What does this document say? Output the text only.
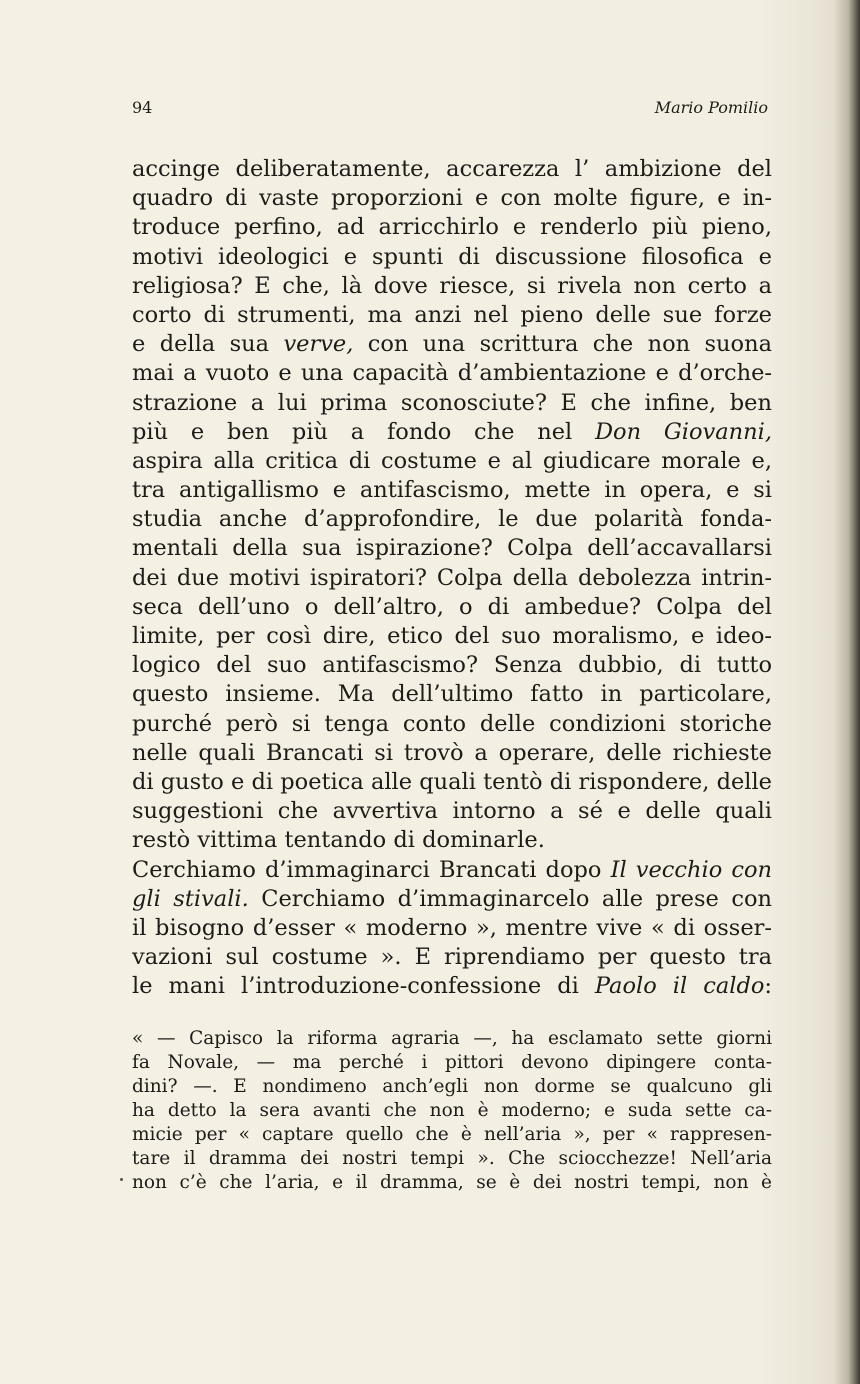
94	Mario Pomilio
accinge deliberatamente, accarezza l’ ambizione del
quadro di vaste proporzioni e con molte figure, e in-
troduce perfino, ad arricchirlo e renderlo più pieno,
motivi ideologici e spunti di discussione filosofica e
religiosa? E che, là dove riesce, si rivela non certo a
corto di strumenti, ma anzi nel pieno delle sue forze
e della sua verve, con una scrittura che non suona
mai a vuoto e una capacità d’ambientazione e d’orche-
strazione a lui prima sconosciute? E che infine, ben
più e ben più a fondo che nel Don Giovanni,
aspira alla critica di costume e al giudicare morale e,
tra antigallismo e antifascismo, mette in opera, e si
studia anche d’approfondire, le due polarità fonda-
mentali della sua ispirazione? Colpa dell’accavallarsi
dei due motivi ispiratori? Colpa della debolezza intrin-
seca dell’uno o dell’altro, o di ambedue? Colpa del
limite, per così dire, etico del suo moralismo, e ideo-
logico del suo antifascismo? Senza dubbio, di tutto
questo insieme. Ma dell’ultimo fatto in particolare,
purché però si tenga conto delle condizioni storiche
nelle quali Brancati si trovò a operare, delle richieste
di gusto e di poetica alle quali tentò di rispondere, delle
suggestioni che avvertiva intorno a sé e delle quali
restò vittima tentando di dominarle.
Cerchiamo d’immaginarci Brancati dopo Il vecchio con
gli stivali. Cerchiamo d’immaginarcelo alle prese con
il bisogno d’esser « moderno », mentre vive « di osser-
vazioni sul costume ». E riprendiamo per questo tra
le mani l’introduzione-confessione di Paolo il caldo:
« — Capisco la riforma agraria —, ha esclamato sette giorni
fa Novale, — ma perché i pittori devono dipingere conta-
dini? —. E nondimeno anch’egli non dorme se qualcuno gli
ha detto la sera avanti che non è moderno; e suda sette ca-
micie per « captare quello che è nell’aria », per « rappresen-
tare il dramma dei nostri tempi ». Che sciocchezze! Nell’aria
non c’è che l’aria, e il dramma, se è dei nostri tempi, non è
